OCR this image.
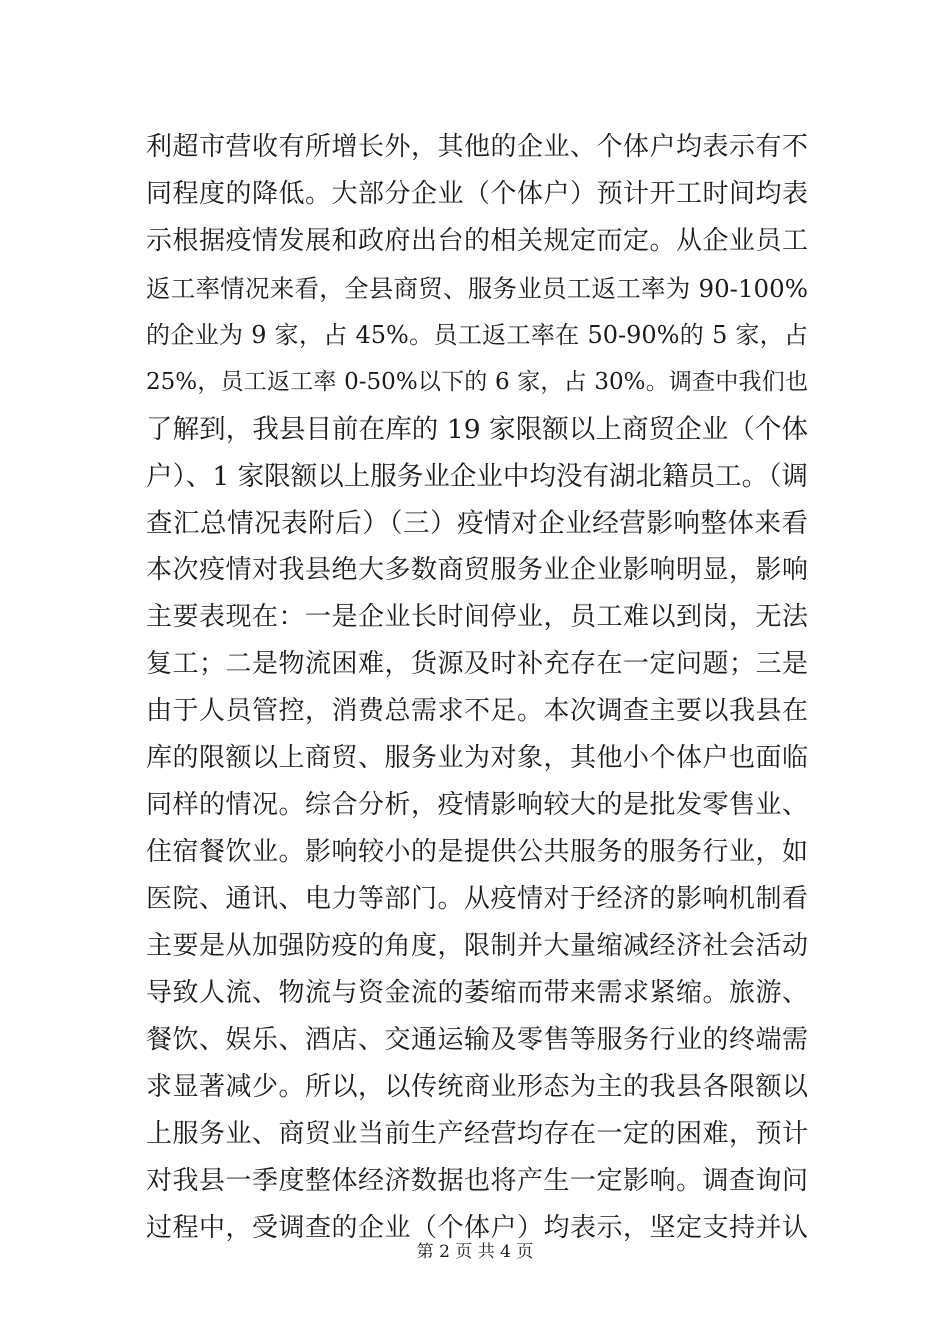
利超市营收有所增长外，其他的企业、个体户均表示有不
同程度的降低。大部分企业（个体户）预计开工时间均表
示根据疫情发展和政府出台的相关规定而定。从企业员工
返工率情况来看，全县商贸、服务业员工返工率为 90-100%
的企业为 9 家，占 45%。员工返工率在 50-90%的 5 家，占
25%，员工返工率 0-50%以下的 6 家，占 30%。调查中我们也
了解到，我县目前在库的 19 家限额以上商贸企业（个体
户）、1 家限额以上服务业企业中均没有湖北籍员工。（调
查汇总情况表附后）（三）疫情对企业经营影响整体来看
本次疫情对我县绝大多数商贸服务业企业影响明显，影响
主要表现在：一是企业长时间停业，员工难以到岗，无法
复工；二是物流困难，货源及时补充存在一定问题；三是
由于人员管控，消费总需求不足。本次调查主要以我县在
库的限额以上商贸、服务业为对象，其他小个体户也面临
同样的情况。综合分析，疫情影响较大的是批发零售业、
住宿餐饮业。影响较小的是提供公共服务的服务行业，如
医院、通讯、电力等部门。从疫情对于经济的影响机制看
主要是从加强防疫的角度，限制并大量缩减经济社会活动
导致人流、物流与资金流的萎缩而带来需求紧缩。旅游、
餐饮、娱乐、酒店、交通运输及零售等服务行业的终端需
求显著减少。所以，以传统商业形态为主的我县各限额以
上服务业、商贸业当前生产经营均存在一定的困难，预计
对我县一季度整体经济数据也将产生一定影响。调查询问
过程中，受调查的企业（个体户）均表示，坚定支持并认
第 2 页 共 4 页
